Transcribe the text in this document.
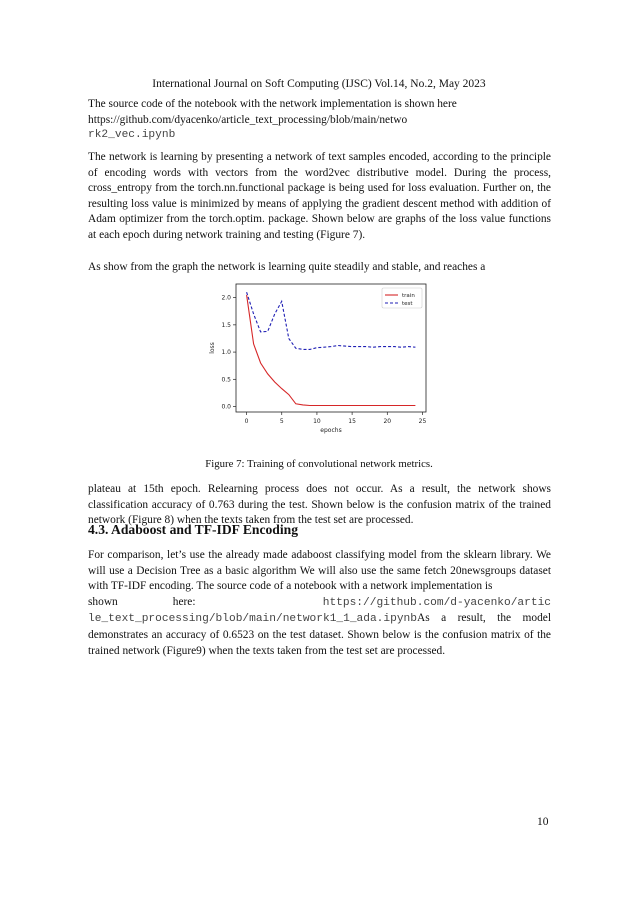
International Journal on Soft Computing (IJSC) Vol.14, No.2, May 2023
The source code of the notebook with the network implementation is shown here
https://github.com/dyacenko/article_text_processing/blob/main/netwo
rk2_vec.ipynb
The network is learning by presenting a network of text samples encoded, according to the principle of encoding words with vectors from the word2vec distributive model. During the process, cross_entropy from the torch.nn.functional package is being used for loss evaluation. Further on, the resulting loss value is minimized by means of applying the gradient descent method with addition of Adam optimizer from the torch.optim. package. Shown below are graphs of the loss value functions at each epoch during network training and testing (Figure 7).
As show from the graph the network is learning quite steadily and stable, and reaches a
0	5	10	15	20	25
0.0
0.5
1.0
1.5
2.0
epochs
loss
train
test
Figure 7: Training of convolutional network metrics.
plateau at 15th epoch. Relearning process does not occur. As a result, the network shows classification accuracy of 0.763 during the test. Shown below is the confusion matrix of the trained network (Figure 8) when the texts taken from the test set are processed.
4.3. Adaboost and TF-IDF Encoding
For comparison, let’s use the already made adaboost classifying model from the sklearn library. We will use a Decision Tree as a basic algorithm We will also use the same fetch 20newsgroups dataset with TF-IDF encoding. The source code of a notebook with a network implementation is
shown	here:	https://github.com/d-yacenko/artic
le_text_processing/blob/main/network1_1_ada.ipynbAs a result, the model demonstrates an accuracy of 0.6523 on the test dataset. Shown below is the confusion matrix of the trained network (Figure9) when the texts taken from the test set are processed.
10
